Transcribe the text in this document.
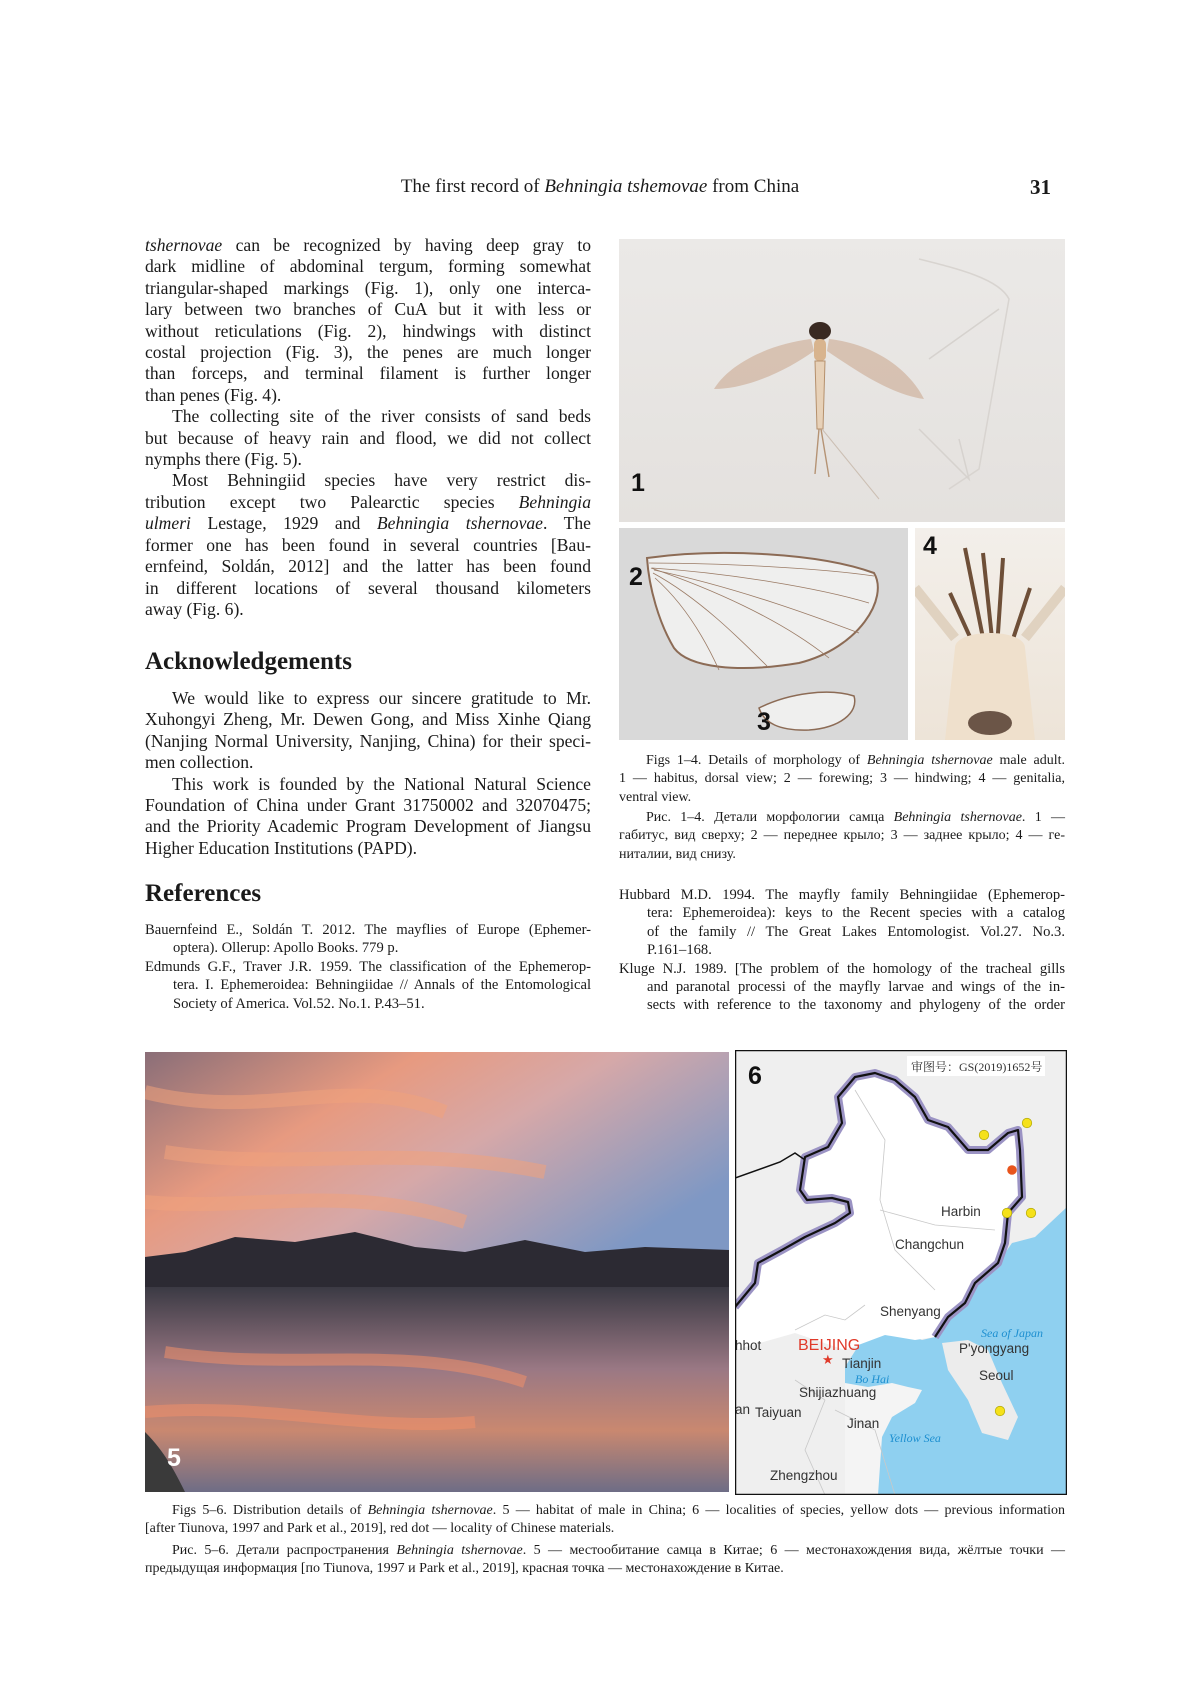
The first record of Behningia tshemovae from China	31
tshernovae can be recognized by having deep gray to
dark midline of abdominal tergum, forming somewhat
triangular-shaped markings (Fig. 1), only one interca-
lary between two branches of CuA but it with less or
without reticulations (Fig. 2), hindwings with distinct
costal projection (Fig. 3), the penes are much longer
than forceps, and terminal filament is further longer
than penes (Fig. 4).
The collecting site of the river consists of sand beds
but because of heavy rain and flood, we did not collect
nymphs there (Fig. 5).
Most Behningiid species have very restrict dis-
tribution except two Palearctic species Behningia
ulmeri Lestage, 1929 and Behningia tshernovae. The
former one has been found in several countries [Bau-
ernfeind, Soldán, 2012] and the latter has been found
in different locations of several thousand kilometers
away (Fig. 6).
Acknowledgements
We would like to express our sincere gratitude to Mr.
Xuhongyi Zheng, Mr. Dewen Gong, and Miss Xinhe Qiang
(Nanjing Normal University, Nanjing, China) for their speci-
men collection.
This work is founded by the National Natural Science
Foundation of China under Grant 31750002 and 32070475;
and the Priority Academic Program Development of Jiangsu
Higher Education Institutions (PAPD).
References
Bauernfeind E., Soldán T. 2012. The mayflies of Europe (Ephemer-
optera). Ollerup: Apollo Books. 779 p.
Edmunds G.F., Traver J.R. 1959. The classification of the Ephemerop-
tera. I. Ephemeroidea: Behningiidae // Annals of the Entomological
Society of America. Vol.52. No.1. P.43–51.
1
2
3
4
Figs 1–4. Details of morphology of Behningia tshernovae male adult.
1 — habitus, dorsal view; 2 — forewing; 3 — hindwing; 4 — genitalia,
ventral view.
Рис. 1–4. Детали морфологии самца Behningia tshernovae. 1 —
габитус, вид сверху; 2 — переднее крыло; 3 — заднее крыло; 4 — ге-
ниталии, вид снизу.
Hubbard M.D. 1994. The mayfly family Behningiidae (Ephemerop-
tera: Ephemeroidea): keys to the Recent species with a catalog
of the family // The Great Lakes Entomologist. Vol.27. No.3.
P.161–168.
Kluge N.J. 1989. [The problem of the homology of the tracheal gills
and paranotal processi of the mayfly larvae and wings of the in-
sects with reference to the taxonomy and phylogeny of the order
5
审图号：GS(2019)1652号
6
Harbin
Changchun
Shenyang
Tianjin
Shijiazhuang
Taiyuan
Jinan
Zhengzhou
P'yongyang
Seoul
hhot
an
BEIJING
★
Sea of Japan
Bo Hai
Yellow Sea
Figs 5–6. Distribution details of Behningia tshernovae. 5 — habitat of male in China; 6 — localities of species, yellow dots — previous information
[after Tiunova, 1997 and Park et al., 2019], red dot — locality of Chinese materials.
Рис. 5–6. Детали распространения Behningia tshernovae. 5 — местообитание самца в Китае; 6 — местонахождения вида, жёлтые точки —
предыдущая информация [по Tiunova, 1997 и Park et al., 2019], красная точка — местонахождение в Китае.
